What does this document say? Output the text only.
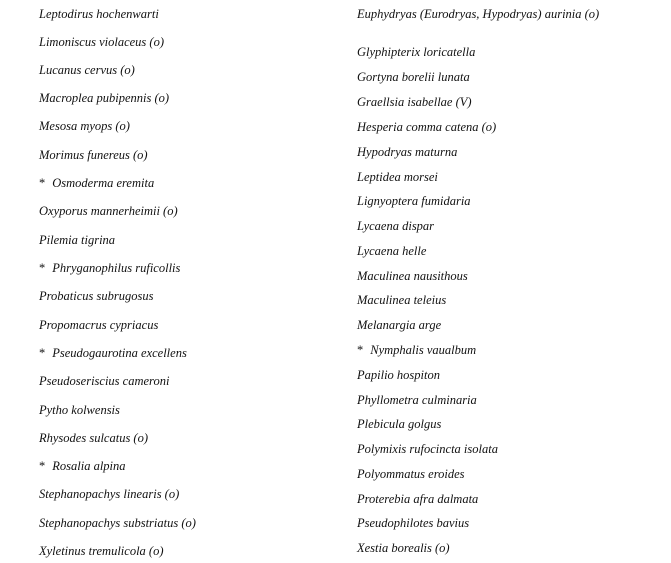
Leptodirus hochenwarti
Limoniscus violaceus (o)
Lucanus cervus (o)
Macroplea pubipennis (o)
Mesosa myops (o)
Morimus funereus (o)
* Osmoderma eremita
Oxyporus mannerheimii (o)
Pilemia tigrina
* Phryganophilus ruficollis
Probaticus subrugosus
Propomacrus cypriacus
* Pseudogaurotina excellens
Pseudoseriscius cameroni
Pytho kolwensis
Rhysodes sulcatus (o)
* Rosalia alpina
Stephanopachys linearis (o)
Stephanopachys substriatus (o)
Xyletinus tremulicola (o)
Euphydryas (Eurodryas, Hypodryas) aurinia (o)
Glyphipterix loricatella
Gortyna borelii lunata
Graellsia isabellae (V)
Hesperia comma catena (o)
Hypodryas maturna
Leptidea morsei
Lignyoptera fumidaria
Lycaena dispar
Lycaena helle
Maculinea nausithous
Maculinea teleius
Melanargia arge
* Nymphalis vaualbum
Papilio hospiton
Phyllometra culminaria
Plebicula golgus
Polymixis rufocincta isolata
Polyommatus eroides
Proterebia afra dalmata
Pseudophilotes bavius
Xestia borealis (o)
